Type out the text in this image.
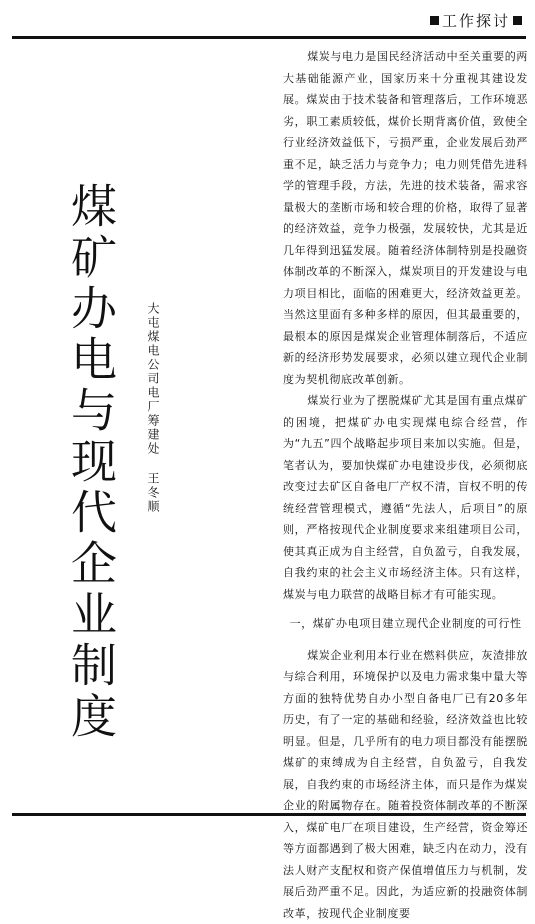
工作探讨
煤矿办电与现代企业制度	大屯煤电公司电厂筹建处王冬顺

煤炭与电力是国民经济活动中至关重要的两大基础能源产业，国家历来十分重视其建设发展。煤炭由于技术装备和管理落后，工作环境恶劣，职工素质较低，煤价长期背离价值，致使全行业经济效益低下，亏损严重，企业发展后劲严重不足，缺乏活力与竞争力；电力则凭借先进科学的管理手段，方法，先进的技术装备，需求容量极大的垄断市场和较合理的价格，取得了显著的经济效益，竞争力极强，发展较快，尤其是近几年得到迅猛发展。随着经济体制特别是投融资体制改革的不断深入，煤炭项目的开发建设与电力项目相比，面临的困难更大，经济效益更差。当然这里面有多种多样的原因，但其最重要的，最根本的原因是煤炭企业管理体制落后，不适应新的经济形势发展要求，必须以建立现代企业制度为契机彻底改革创新。

煤炭行业为了摆脱煤矿尤其是国有重点煤矿的困境，把煤矿办电实现煤电综合经营，作为“九五”四个战略起步项目来加以实施。但是，笔者认为，要加快煤矿办电建设步伐，必须彻底改变过去矿区自备电厂产权不清，盲权不明的传统经营管理模式，遵循“先法人，后项目”的原则，严格按现代企业制度要求来组建项目公司，使其真正成为自主经营，自负盈亏，自我发展，自我约束的社会主义市场经济主体。只有这样，煤炭与电力联营的战略目标才有可能实现。

一，煤矿办电项目建立现代企业制度的可行性

煤炭企业利用本行业在燃料供应，灰渣排放与综合利用，环境保护以及电力需求集中量大等方面的独特优势自办小型自备电厂已有20多年历史，有了一定的基础和经验，经济效益也比较明显。但是，几乎所有的电力项目都没有能摆脱煤矿的束缚成为自主经营，自负盈亏，自我发展，自我约束的市场经济主体，而只是作为煤炭企业的附属物存在。随着投资体制改革的不断深入，煤矿电厂在项目建设，生产经营，资金筹还等方面都遇到了极大困难，缺乏内在动力，没有法人财产支配权和资产保值增值压力与机制，发展后劲严重不足。因此，为适应新的投融资体制改革，按现代企业制度要
